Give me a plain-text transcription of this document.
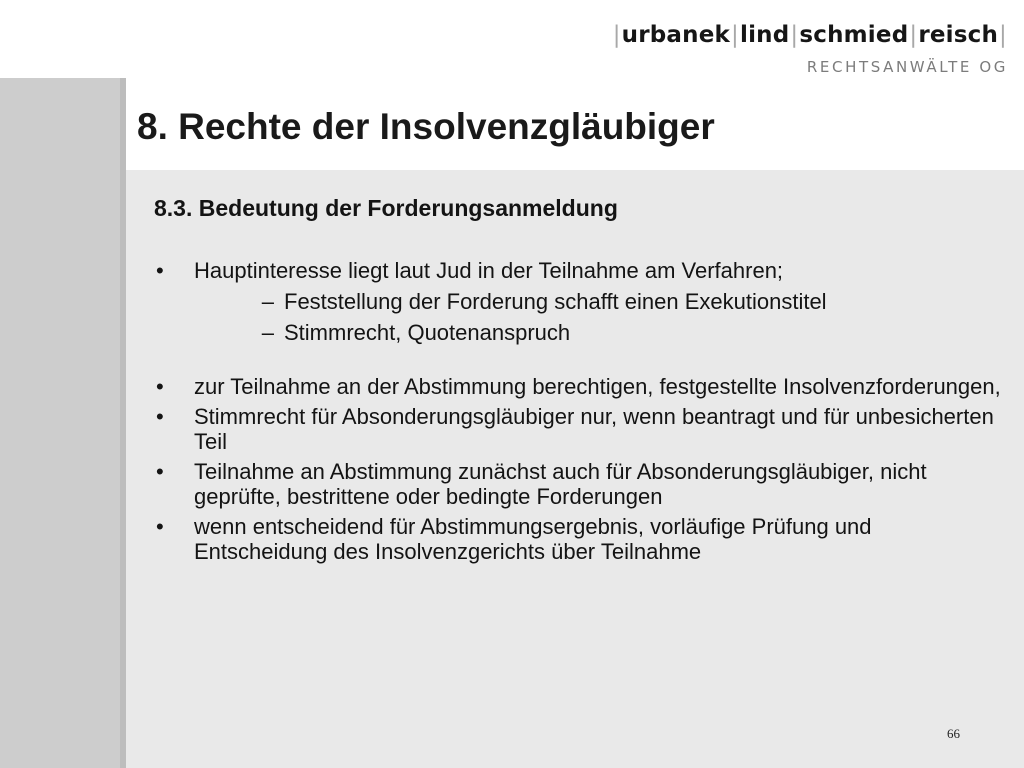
|urbanek|lind|schmied|reisch|
RECHTSANWÄLTE OG
8. Rechte der Insolvenzgläubiger
8.3. Bedeutung der Forderungsanmeldung
•	Hauptinteresse liegt laut Jud in der Teilnahme am Verfahren;
– Feststellung der Forderung schafft einen Exekutionstitel
– Stimmrecht, Quotenanspruch
•	zur Teilnahme an der Abstimmung berechtigen, festgestellte Insolvenzforderungen,
•	Stimmrecht für Absonderungsgläubiger nur, wenn beantragt und für unbesicherten Teil
•	Teilnahme an Abstimmung zunächst auch für Absonderungsgläubiger, nicht geprüfte, bestrittene oder bedingte Forderungen
•	wenn entscheidend für Abstimmungsergebnis, vorläufige Prüfung und Entscheidung des Insolvenzgerichts über Teilnahme
66
